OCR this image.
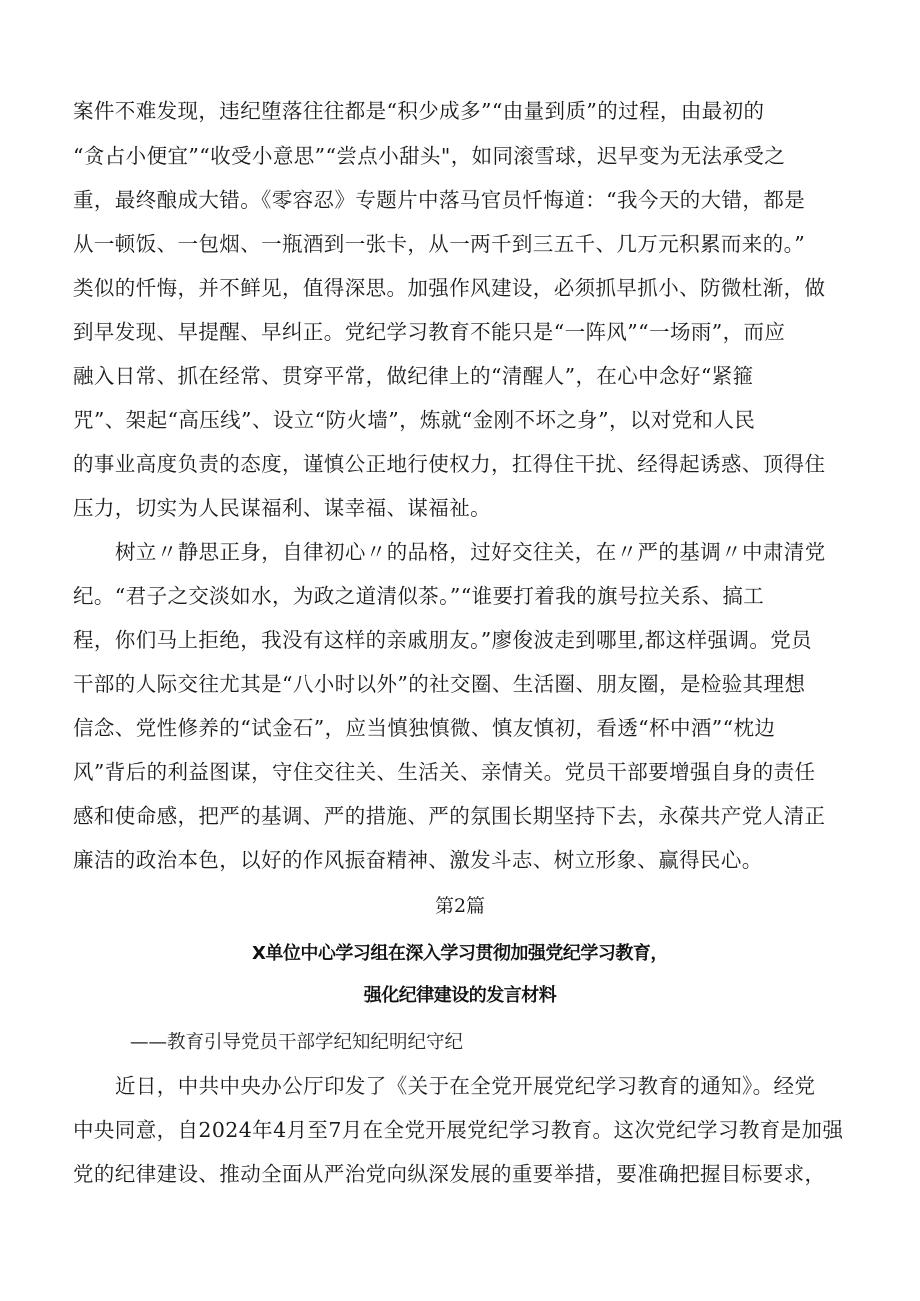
案件不难发现，违纪堕落往往都是“积少成多”“由量到质”的过程，由最初的
“贪占小便宜”“收受小意思”“尝点小甜头"，如同滚雪球，迟早变为无法承受之
重，最终酿成大错。《零容忍》专题片中落马官员忏悔道：“我今天的大错，都是
从一顿饭、一包烟、一瓶酒到一张卡，从一两千到三五千、几万元积累而来的。”
类似的忏悔，并不鲜见，值得深思。加强作风建设，必须抓早抓小、防微杜渐，做
到早发现、早提醒、早纠正。党纪学习教育不能只是“一阵风”“一场雨”，而应
融入日常、抓在经常、贯穿平常，做纪律上的“清醒人”，在心中念好“紧箍
咒”、架起“高压线”、设立“防火墙”，炼就“金刚不坏之身”，以对党和人民
的事业高度负责的态度，谨慎公正地行使权力，扛得住干扰、经得起诱惑、顶得住
压力，切实为人民谋福利、谋幸福、谋福祉。
树立〃静思正身，自律初心〃的品格，过好交往关，在〃严的基调〃中肃清党
纪。“君子之交淡如水，为政之道清似茶。”“谁要打着我的旗号拉关系、搞工
程，你们马上拒绝，我没有这样的亲戚朋友。”廖俊波走到哪里,都这样强调。党员
干部的人际交往尤其是“八小时以外”的社交圈、生活圈、朋友圈，是检验其理想
信念、党性修养的“试金石”，应当慎独慎微、慎友慎初，看透“杯中酒”“枕边
风”背后的利益图谋，守住交往关、生活关、亲情关。党员干部要增强自身的责任
感和使命感，把严的基调、严的措施、严的氛围长期坚持下去，永葆共产党人清正
廉洁的政治本色，以好的作风振奋精神、激发斗志、树立形象、赢得民心。
第2篇
X单位中心学习组在深入学习贯彻加强党纪学习教育，
强化纪律建设的发言材料
——教育引导党员干部学纪知纪明纪守纪
近日，中共中央办公厅印发了《关于在全党开展党纪学习教育的通知》。经党
中央同意，自2024年4月至7月在全党开展党纪学习教育。这次党纪学习教育是加强
党的纪律建设、推动全面从严治党向纵深发展的重要举措，要准确把握目标要求，
